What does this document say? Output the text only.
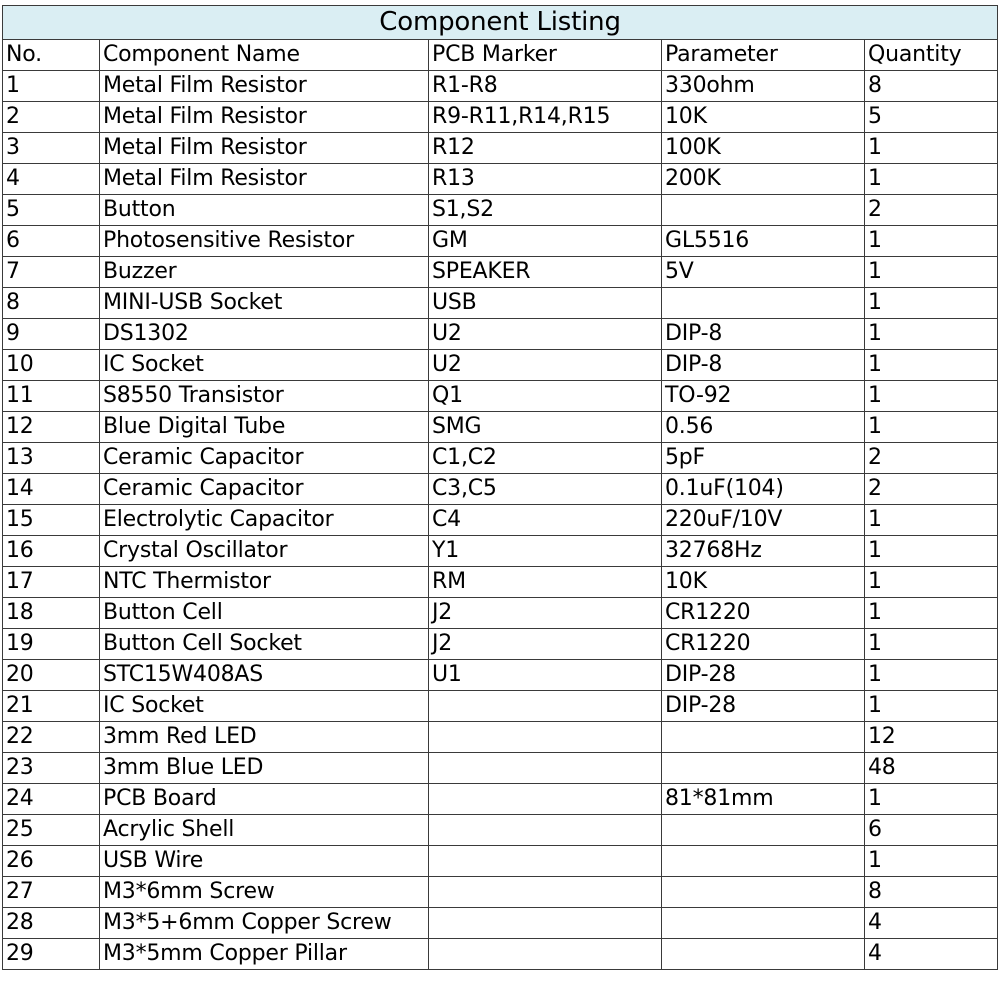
Component Listing				
No.	Component Name	PCB Marker	Parameter	Quantity
1	Metal Film Resistor	R1-R8	330ohm	8
2	Metal Film Resistor	R9-R11,R14,R15	10K	5
3	Metal Film Resistor	R12	100K	1
4	Metal Film Resistor	R13	200K	1
5	Button	S1,S2		2
6	Photosensitive Resistor	GM	GL5516	1
7	Buzzer	SPEAKER	5V	1
8	MINI-USB Socket	USB		1
9	DS1302	U2	DIP-8	1
10	IC Socket	U2	DIP-8	1
11	S8550 Transistor	Q1	TO-92	1
12	Blue Digital Tube	SMG	0.56	1
13	Ceramic Capacitor	C1,C2	5pF	2
14	Ceramic Capacitor	C3,C5	0.1uF(104)	2
15	Electrolytic Capacitor	C4	220uF/10V	1
16	Crystal Oscillator	Y1	32768Hz	1
17	NTC Thermistor	RM	10K	1
18	Button Cell	J2	CR1220	1
19	Button Cell Socket	J2	CR1220	1
20	STC15W408AS	U1	DIP-28	1
21	IC Socket		DIP-28	1
22	3mm Red LED			12
23	3mm Blue LED			48
24	PCB Board		81*81mm	1
25	Acrylic Shell			6
26	USB Wire			1
27	M3*6mm Screw			8
28	M3*5+6mm Copper Screw			4
29	M3*5mm Copper Pillar			4
